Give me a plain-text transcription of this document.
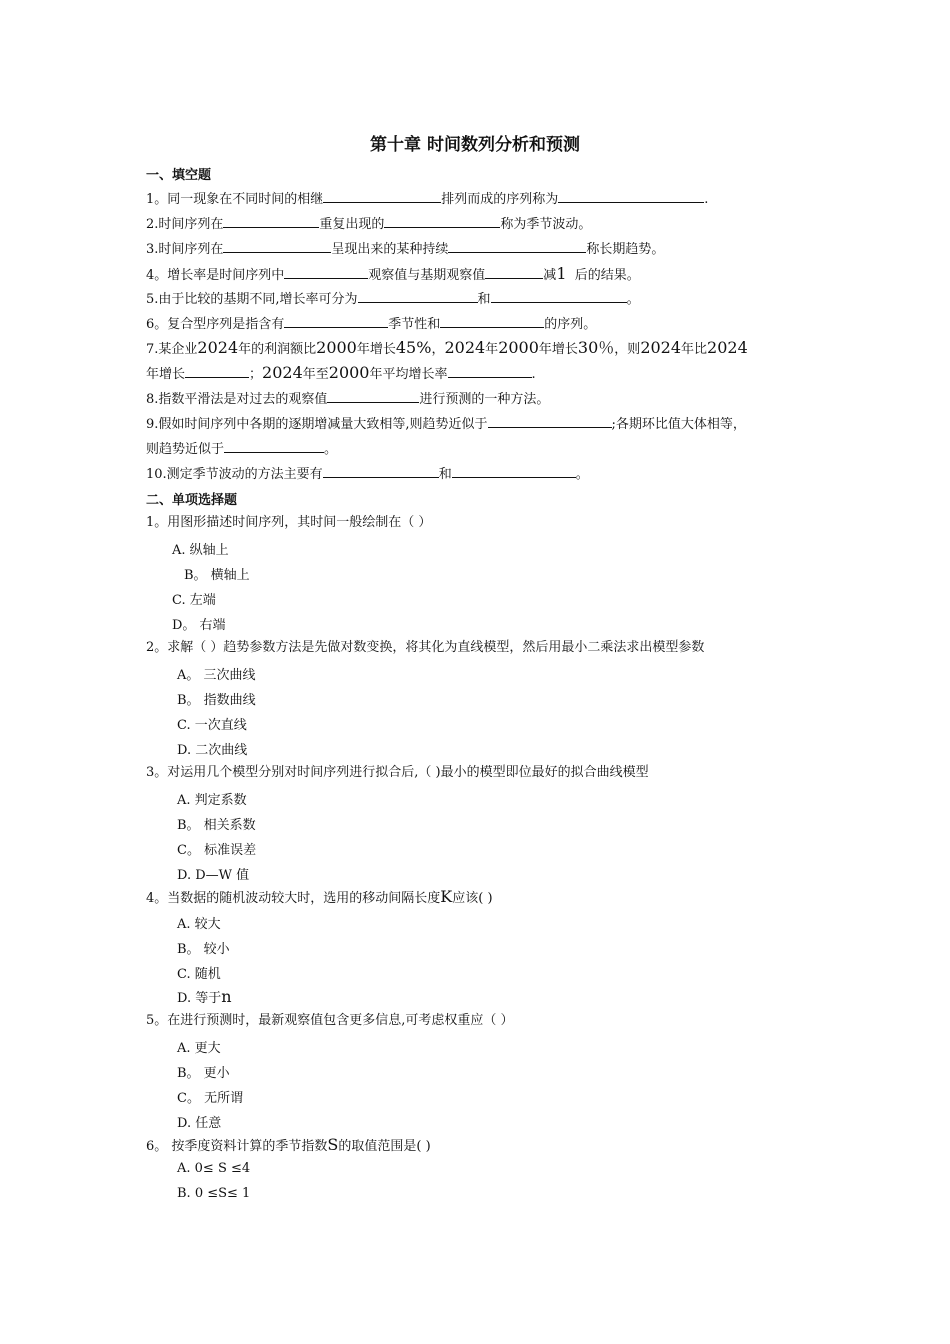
第十章 时间数列分析和预测
一、填空题
1。同一现象在不同时间的相继	排列而成的序列称为	.
2.时间序列在	重复出现的	称为季节波动。
3.时间序列在	呈现出来的某种持续	称长期趋势。
4。增长率是时间序列中	观察值与基期观察值	减1 后的结果。
5.由于比较的基期不同,增长率可分为	和	。
6。复合型序列是指含有	季节性和	的序列。
7.某企业2024年的利润额比2000年增长45%，2024年2000年增长30％，则2024年比2024
年增长	；2024年至2000年平均增长率	.
8.指数平滑法是对过去的观察值	进行预测的一种方法。
9.假如时间序列中各期的逐期增减量大致相等,则趋势近似于	;各期环比值大体相等，
则趋势近似于	。
10.测定季节波动的方法主要有	和	。
二、单项选择题
1。用图形描述时间序列，其时间一般绘制在（ ）
A. 纵轴上
B。 横轴上
C. 左端
D。 右端
2。求解（ ）趋势参数方法是先做对数变换，将其化为直线模型，然后用最小二乘法求出模型参数
A。 三次曲线
B。 指数曲线
C. 一次直线
D. 二次曲线
3。对运用几个模型分别对时间序列进行拟合后,（ )最小的模型即位最好的拟合曲线模型
A. 判定系数
B。 相关系数
C。 标准误差
D. D—W 值
4。当数据的随机波动较大时，选用的移动间隔长度K应该( )
A. 较大
B。 较小
C. 随机
D. 等于n
5。在进行预测时，最新观察值包含更多信息,可考虑权重应（ ）
A. 更大
B。 更小
C。 无所谓
D. 任意
6。 按季度资料计算的季节指数S的取值范围是( )
A. 0≤ S ≤4
B. 0 ≤S≤ 1
